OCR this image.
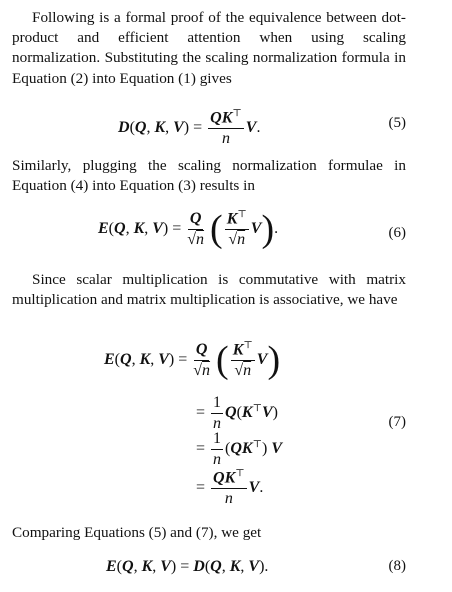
Following is a formal proof of the equivalence between dot-product and efficient attention when using scaling normalization. Substituting the scaling normalization formula in Equation (2) into Equation (1) gives
D(Q, K, $V) = \frac{QK^⊤}{n} V$.	(5)
Similarly, plugging the scaling normalization formulae in Equation (4) into Equation (3) results in
E(Q, K, $V) = \frac{Q}{√n}$ ( $\frac{K^⊤}{√n} V$).	(6)
Since scalar multiplication is commutative with matrix multiplication and matrix multiplication is associative, we have
E(Q, K, $V) = \frac{Q}{√n}$ ( $\frac{K^⊤}{√n} V$)
= $\frac{1}{n} Q(K^⊤V)$
= $\frac{1}{n} (QK^⊤)$ V
= $\frac{QK^⊤}{n} V$.
(7)
Comparing Equations (5) and (7), we get
E(Q, K, V) = D(Q, K, V).	(8)
